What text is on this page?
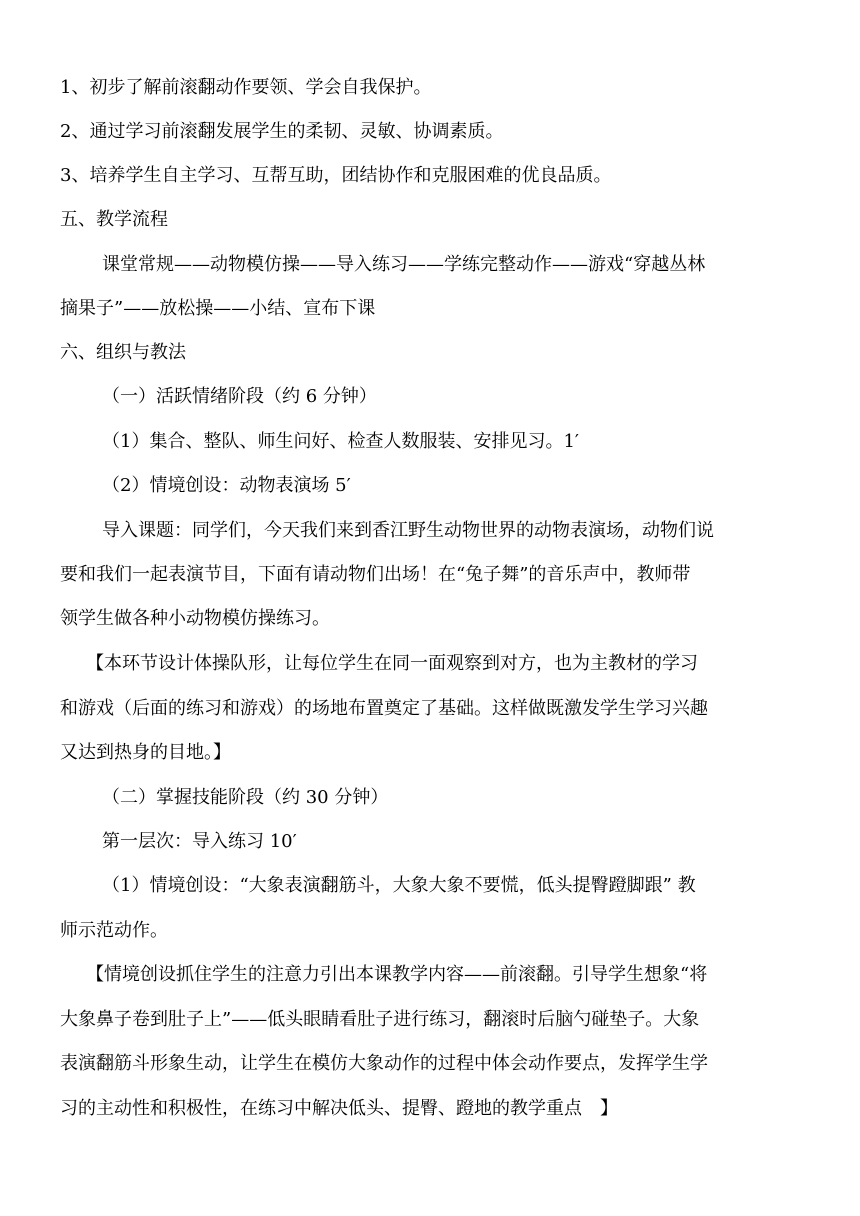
1、初步了解前滚翻动作要领、学会自我保护。
2、通过学习前滚翻发展学生的柔韧、灵敏、协调素质。
3、培养学生自主学习、互帮互助，团结协作和克服困难的优良品质。
五、教学流程
课堂常规——动物模仿操——导入练习——学练完整动作——游戏“穿越丛林
摘果子”——放松操——小结、宣布下课
六、组织与教法
（一）活跃情绪阶段（约 6 分钟）
（1）集合、整队、师生问好、检查人数服装、安排见习。1′
（2）情境创设：动物表演场 5′
导入课题：同学们，今天我们来到香江野生动物世界的动物表演场，动物们说
要和我们一起表演节目，下面有请动物们出场！在“兔子舞”的音乐声中，教师带
领学生做各种小动物模仿操练习。
【本环节设计体操队形，让每位学生在同一面观察到对方，也为主教材的学习
和游戏（后面的练习和游戏）的场地布置奠定了基础。这样做既激发学生学习兴趣
又达到热身的目地。】
（二）掌握技能阶段（约 30 分钟）
第一层次：导入练习 10′
（1）情境创设：“大象表演翻筋斗，大象大象不要慌，低头提臀蹬脚跟” 教
师示范动作。
【情境创设抓住学生的注意力引出本课教学内容——前滚翻。引导学生想象“将
大象鼻子卷到肚子上”——低头眼睛看肚子进行练习，翻滚时后脑勺碰垫子。大象
表演翻筋斗形象生动，让学生在模仿大象动作的过程中体会动作要点，发挥学生学
习的主动性和积极性，在练习中解决低头、提臀、蹬地的教学重点　】
